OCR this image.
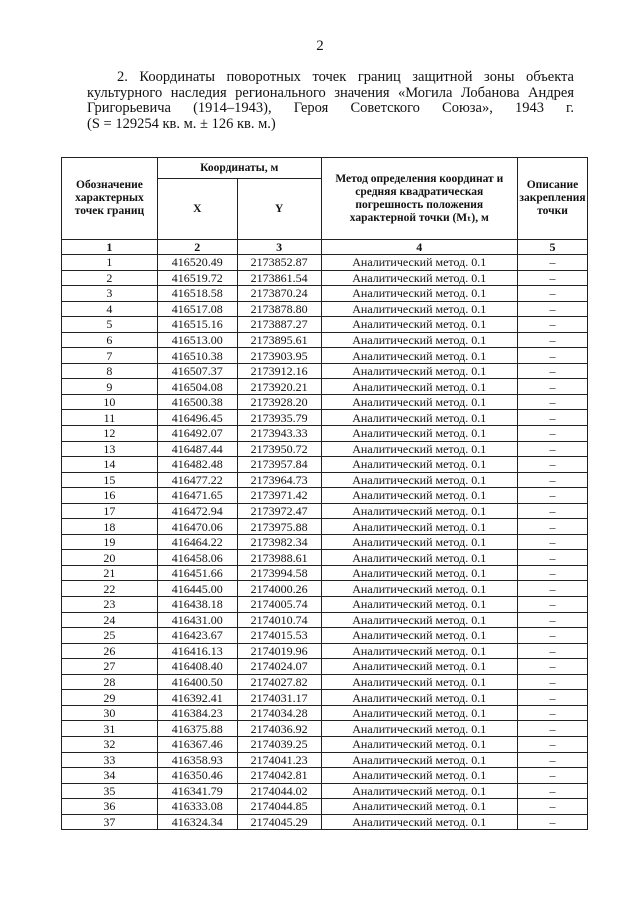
2
2. Координаты поворотных точек границ защитной зоны объекта
культурного наследия регионального значения «Могила Лобанова Андрея
Григорьевича (1914–1943), Героя Советского Союза», 1943 г.
(S = 129254 кв. м. ± 126 кв. м.)
Обозначение характерных точек границ	Координаты, м		Метод определения координат и средняя квадратическая погрешность положения характерной точки (Mₜ), м	Описание закрепления точки
	X	Y		
1	2	3	4	5
1	416520.49	2173852.87	Аналитический метод. 0.1	–
2	416519.72	2173861.54	Аналитический метод. 0.1	–
3	416518.58	2173870.24	Аналитический метод. 0.1	–
4	416517.08	2173878.80	Аналитический метод. 0.1	–
5	416515.16	2173887.27	Аналитический метод. 0.1	–
6	416513.00	2173895.61	Аналитический метод. 0.1	–
7	416510.38	2173903.95	Аналитический метод. 0.1	–
8	416507.37	2173912.16	Аналитический метод. 0.1	–
9	416504.08	2173920.21	Аналитический метод. 0.1	–
10	416500.38	2173928.20	Аналитический метод. 0.1	–
11	416496.45	2173935.79	Аналитический метод. 0.1	–
12	416492.07	2173943.33	Аналитический метод. 0.1	–
13	416487.44	2173950.72	Аналитический метод. 0.1	–
14	416482.48	2173957.84	Аналитический метод. 0.1	–
15	416477.22	2173964.73	Аналитический метод. 0.1	–
16	416471.65	2173971.42	Аналитический метод. 0.1	–
17	416472.94	2173972.47	Аналитический метод. 0.1	–
18	416470.06	2173975.88	Аналитический метод. 0.1	–
19	416464.22	2173982.34	Аналитический метод. 0.1	–
20	416458.06	2173988.61	Аналитический метод. 0.1	–
21	416451.66	2173994.58	Аналитический метод. 0.1	–
22	416445.00	2174000.26	Аналитический метод. 0.1	–
23	416438.18	2174005.74	Аналитический метод. 0.1	–
24	416431.00	2174010.74	Аналитический метод. 0.1	–
25	416423.67	2174015.53	Аналитический метод. 0.1	–
26	416416.13	2174019.96	Аналитический метод. 0.1	–
27	416408.40	2174024.07	Аналитический метод. 0.1	–
28	416400.50	2174027.82	Аналитический метод. 0.1	–
29	416392.41	2174031.17	Аналитический метод. 0.1	–
30	416384.23	2174034.28	Аналитический метод. 0.1	–
31	416375.88	2174036.92	Аналитический метод. 0.1	–
32	416367.46	2174039.25	Аналитический метод. 0.1	–
33	416358.93	2174041.23	Аналитический метод. 0.1	–
34	416350.46	2174042.81	Аналитический метод. 0.1	–
35	416341.79	2174044.02	Аналитический метод. 0.1	–
36	416333.08	2174044.85	Аналитический метод. 0.1	–
37	416324.34	2174045.29	Аналитический метод. 0.1	–
